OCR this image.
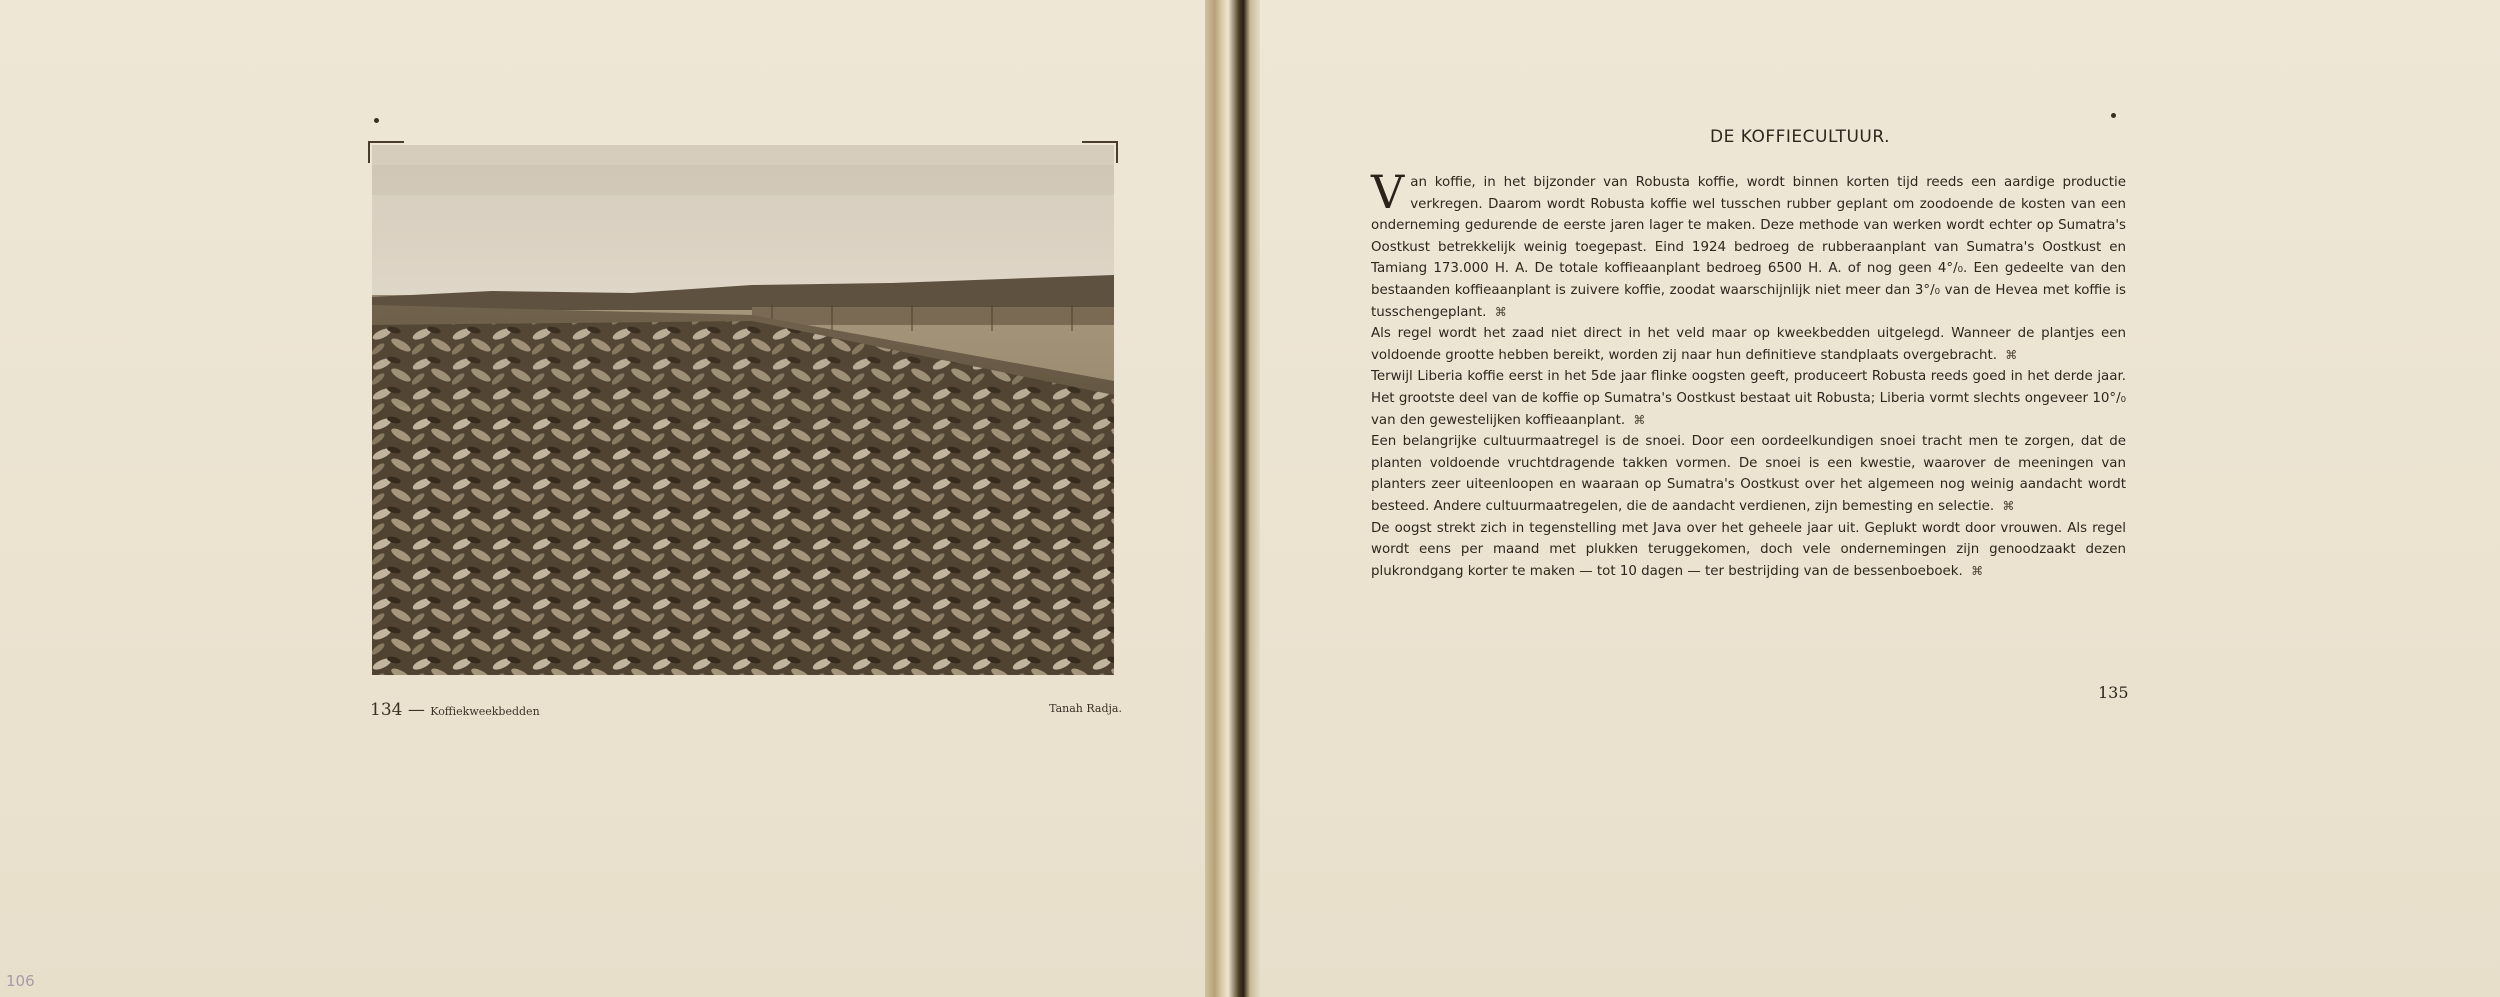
134 — Koffiekweekbedden	Tanah Radja.
106
DE KOFFIECULTUUR.

Van koffie, in het bijzonder van Robusta koffie, wordt binnen korten tijd reeds een aardige productie verkregen. Daarom wordt Robusta koffie wel tusschen rubber geplant om zoodoende de kosten van een onderneming gedurende de eerste jaren lager te maken. Deze methode van werken wordt echter op Sumatra's Oostkust betrekkelijk weinig toegepast. Eind 1924 bedroeg de rubberaanplant van Sumatra's Oostkust en Tamiang 173.000 H. A. De totale koffieaanplant bedroeg 6500 H. A. of nog geen 4°/₀. Een gedeelte van den bestaanden koffieaanplant is zuivere koffie, zoodat waarschijnlijk niet meer dan 3°/₀ van de Hevea met koffie is tusschengeplant. ⌘

Als regel wordt het zaad niet direct in het veld maar op kweekbedden uitgelegd. Wanneer de plantjes een voldoende grootte hebben bereikt, worden zij naar hun definitieve standplaats overgebracht. ⌘

Terwijl Liberia koffie eerst in het 5de jaar flinke oogsten geeft, produceert Robusta reeds goed in het derde jaar. Het grootste deel van de koffie op Sumatra's Oostkust bestaat uit Robusta; Liberia vormt slechts ongeveer 10°/₀ van den gewestelijken koffieaanplant. ⌘

Een belangrijke cultuurmaatregel is de snoei. Door een oordeelkundigen snoei tracht men te zorgen, dat de planten voldoende vruchtdragende takken vormen. De snoei is een kwestie, waarover de meeningen van planters zeer uiteenloopen en waaraan op Sumatra's Oostkust over het algemeen nog weinig aandacht wordt besteed. Andere cultuurmaatregelen, die de aandacht verdienen, zijn bemesting en selectie. ⌘

De oogst strekt zich in tegenstelling met Java over het geheele jaar uit. Geplukt wordt door vrouwen. Als regel wordt eens per maand met plukken teruggekomen, doch vele ondernemingen zijn genoodzaakt dezen plukrondgang korter te maken — tot 10 dagen — ter bestrijding van de bessenboeboek. ⌘

135
